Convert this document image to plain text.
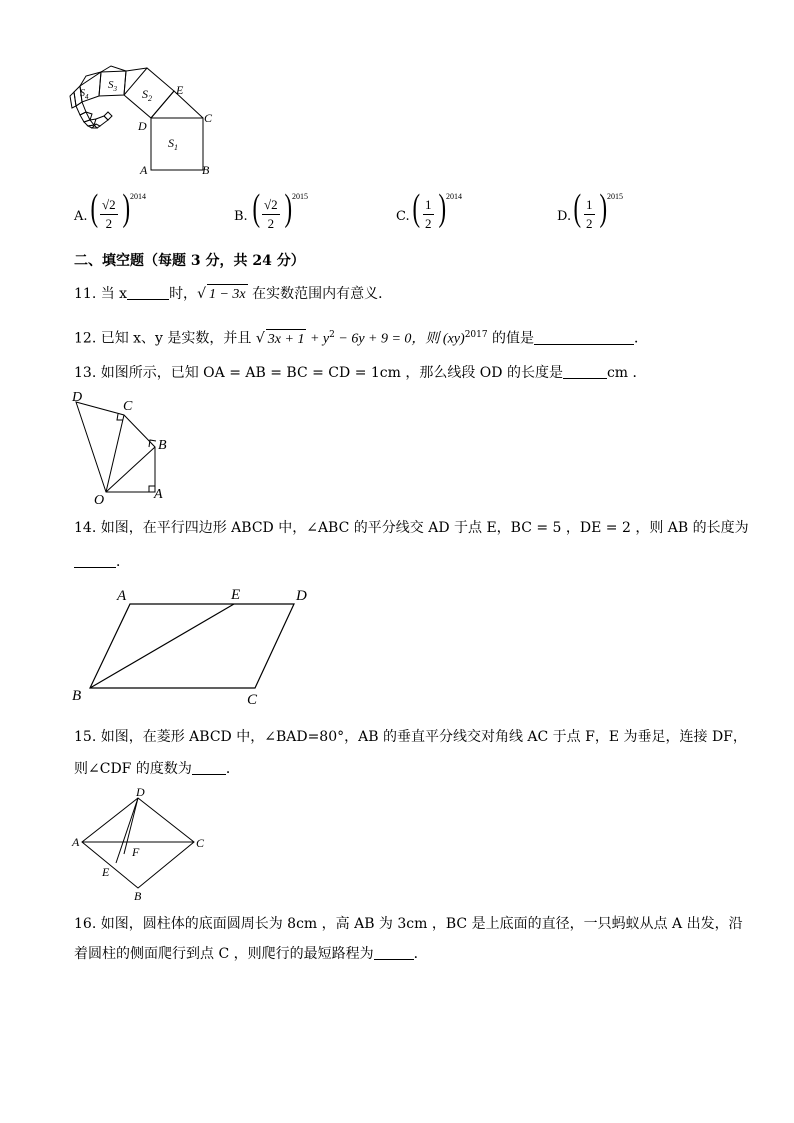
$S_1$
$S_2$
$S_3$
$S_4$
A	B
C
D
E
A. ( $\frac{√2}{2}$ ) 2014
B. ( $\frac{√2}{2}$ ) 2015
C. ( $\frac{1}{2}$ ) 2014
D. ( $\frac{1}{2}$ ) 2015
二、填空题（每题 3 分，共 24 分）
11. 当 x	时，√ 1 − 3x 在实数范围内有意义．
12. 已知 x、y 是实数，并且 √ $3x + 1 + y^2 - 6y + 9 = 0$，则 (xy)$^{2017}$ 的值是	．
13. 如图所示，已知 OA = AB = BC = CD = 1cm ，那么线段 OD 的长度是	cm ．
D
C
B
O	A
14. 如图，在平行四边形 ABCD 中，∠ABC 的平分线交 AD 于点 E，BC = 5 ，DE = 2 ，则 AB 的长度为
．
A	E	D
B	C
15. 如图，在菱形 ABCD 中，∠BAD=80°，AB 的垂直平分线交对角线 AC 于点 F，E 为垂足，连接 DF，
则∠CDF 的度数为 ．
D
A	C
F
E
B
16. 如图，圆柱体的底面圆周长为 8cm ，高 AB 为 3cm ，BC 是上底面的直径，一只蚂蚁从点 A 出发，沿
着圆柱的侧面爬行到点 C ，则爬行的最短路程为	．
